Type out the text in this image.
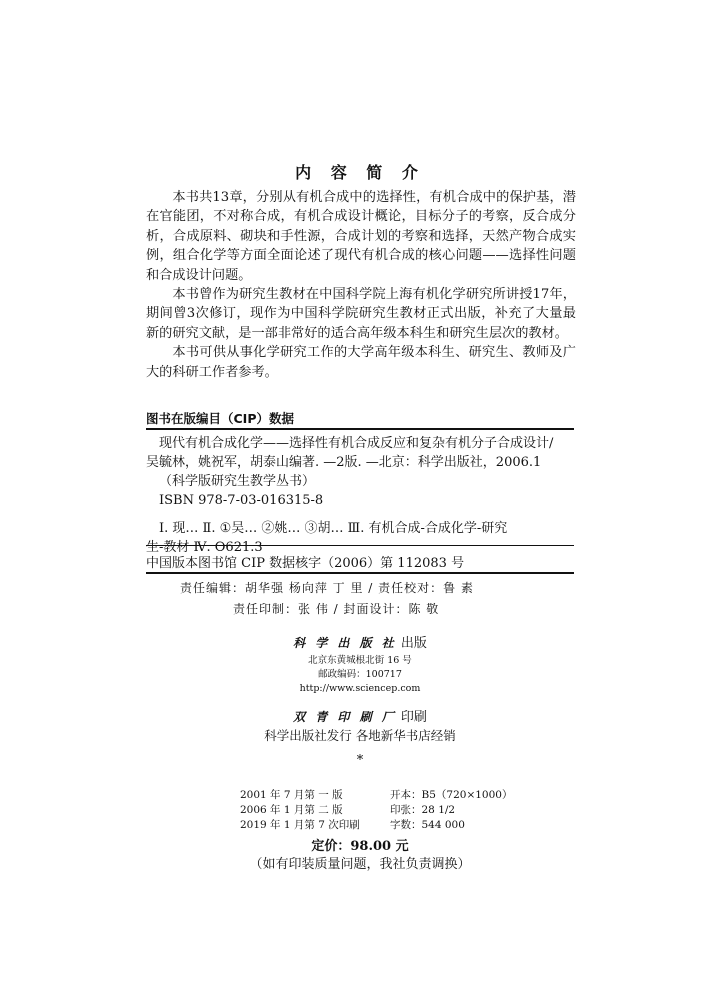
内 容 简 介

本书共13章，分别从有机合成中的选择性，有机合成中的保护基，潜在官能团，不对称合成，有机合成设计概论，目标分子的考察，反合成分析，合成原料、砌块和手性源，合成计划的考察和选择，天然产物合成实例，组合化学等方面全面论述了现代有机合成的核心问题——选择性问题和合成设计问题。

本书曾作为研究生教材在中国科学院上海有机化学研究所讲授17年，期间曾3次修订，现作为中国科学院研究生教材正式出版，补充了大量最新的研究文献，是一部非常好的适合高年级本科生和研究生层次的教材。

本书可供从事化学研究工作的大学高年级本科生、研究生、教师及广大的科研工作者参考。

图书在版编目（CIP）数据
现代有机合成化学——选择性有机合成反应和复杂有机分子合成设计/
吴毓林，姚祝军，胡泰山编著. —2版. —北京：科学出版社，2006.1
（科学版研究生教学丛书）
ISBN 978-7-03-016315-8
Ⅰ. 现… Ⅱ. ①吴… ②姚… ③胡… Ⅲ. 有机合成-合成化学-研究
生-教材 Ⅳ. O621.3
中国版本图书馆 CIP 数据核字（2006）第 112083 号
责任编辑：胡华强 杨向萍 丁 里 / 责任校对：鲁 素
责任印制：张 伟 / 封面设计：陈 敬
科 学 出 版 社 出版
北京东黄城根北街 16 号
邮政编码：100717
http://www.sciencep.com
双 青 印 刷 厂 印刷
科学出版社发行 各地新华书店经销
*
2001 年 7 月第 一 版	开本：B5（720×1000）
2006 年 1 月第 二 版	印张：28 1/2
2019 年 1 月第 7 次印刷	字数：544 000
定价：98.00 元
（如有印装质量问题，我社负责调换）
